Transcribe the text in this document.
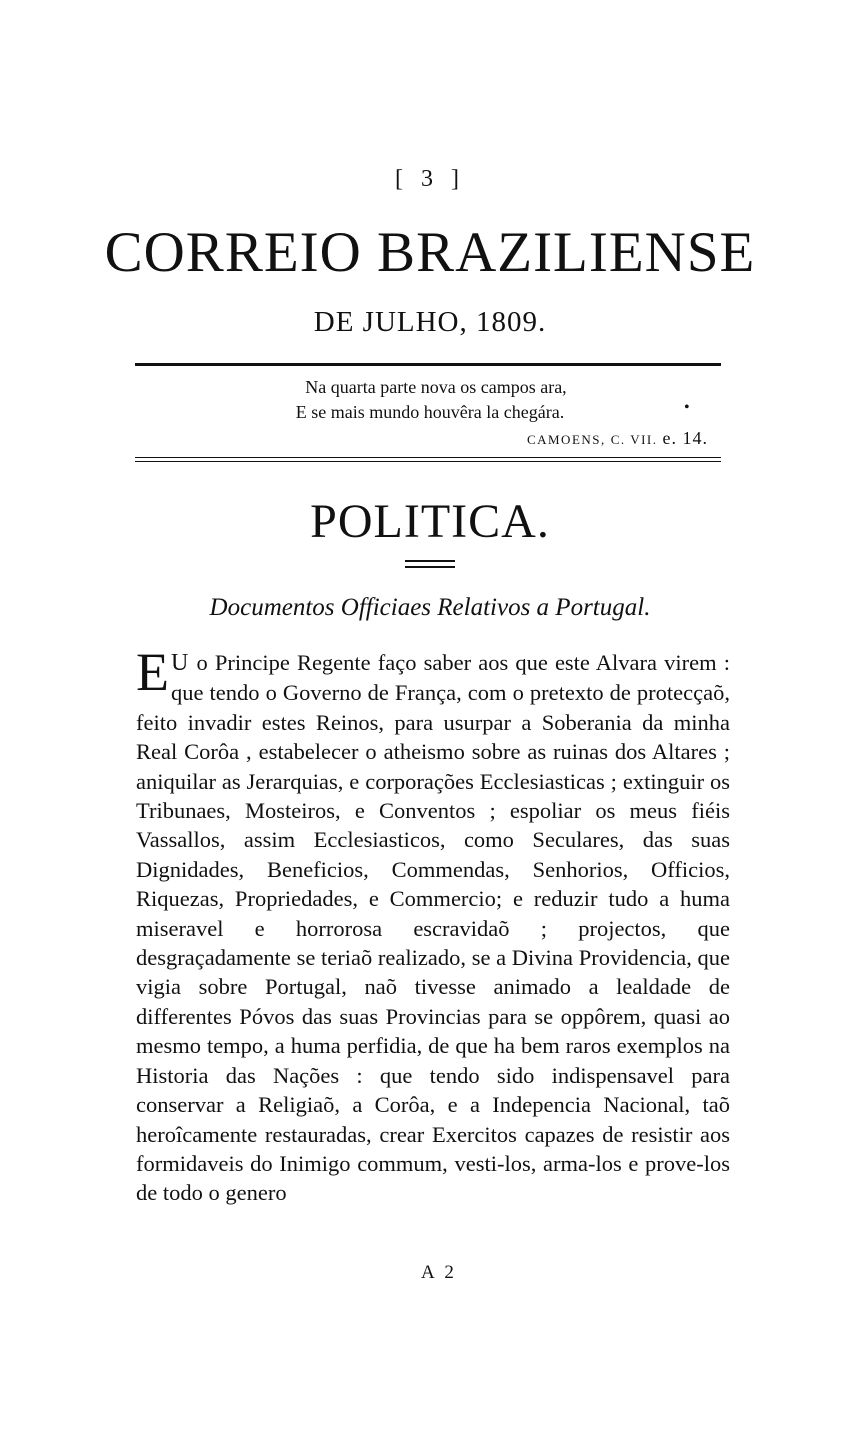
[ 3 ]
CORREIO BRAZILIENSE
DE JULHO, 1809.
Na quarta parte nova os campos ara,
E se mais mundo houvêra la chegára.	•
CAMOENS, C. VII. e. 14.
POLITICA.
Documentos Officiaes Relativos a Portugal.
E U o Principe Regente faço saber aos que este Alvara virem : que tendo o Governo de França, com o pretexto de protecçaõ, feito invadir estes Reinos, para usurpar a Soberania da minha Real Corôa , estabelecer o atheismo sobre as ruinas dos Altares ; aniquilar as Jerarquias, e corporações Ecclesiasticas ; extinguir os Tribunaes, Mosteiros, e Conventos ; espoliar os meus fiéis Vassallos, assim Ecclesiasticos, como Seculares, das suas Dignidades, Beneficios, Commendas, Senhorios, Officios, Riquezas, Propriedades, e Commercio; e reduzir tudo a huma miseravel e horrorosa escravidaõ ; projectos, que desgraçadamente se teriaõ realizado, se a Divina Providencia, que vigia sobre Portugal, naõ tivesse animado a lealdade de differentes Póvos das suas Provincias para se oppôrem, quasi ao mesmo tempo, a huma perfidia, de que ha bem raros exemplos na Historia das Nações : que tendo sido indispensavel para conservar a Religiaõ, a Corôa, e a Indepencia Nacional, taõ heroîcamente restauradas, crear Exercitos capazes de resistir aos formidaveis do Inimigo commum, vesti-los, arma-los e prove-los de todo o genero
A 2
